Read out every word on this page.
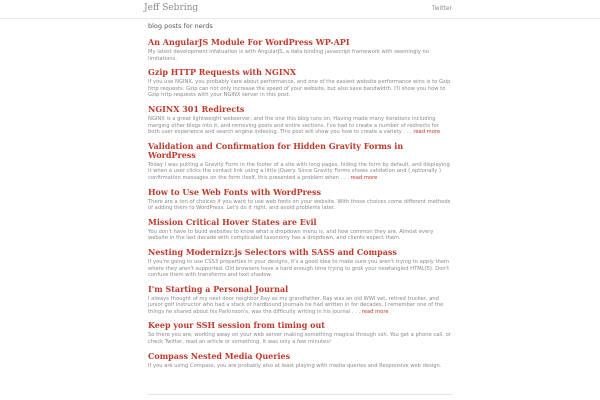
Jeff Sebring	Twitter
blog posts for nerds
An AngularJS Module For WordPress WP-API

My latest development infatuation is with AngularJS, a data binding javascript framework with seemingly no limitations.

Gzip HTTP Requests with NGINX

If you use NGINX, you probably care about performance, and one of the easiest website performance wins is to Gzip http requests. Gzip can not only increase the speed of your website, but also save bandwidth. I'll show you how to Gzip http requests with your NGINX server in this post.

NGINX 301 Redirects

NGINX is a great lightweight webserver, and the one this blog runs on. Having made many iterations including merging other blogs into it, and removing posts and entire sections, I've had to create a number of redirects for both user experience and search engine indexing. This post will show you how to create a variety . . . read more

Validation and Confirmation for Hidden Gravity Forms in WordPress

Today I was putting a Gravity Form in the footer of a site with long pages, hiding the form by default, and displaying it when a user clicks the contact link using a little jQuery. Since Gravity Forms shows validation and ( optionally ) confirmation messages on the form itself, this presented a problem when . . . read more

How to Use Web Fonts with WordPress

There are a ton of choices if you want to use web fonts on your website. With those choices come different methods of adding them to WordPress. Let's do it right, and avoid problems later.

Mission Critical Hover States are Evil

You don't have to build websites to know what a dropdown menu is, and how common they are. Almost every website in the last decade with complicated taxonomy has a dropdown, and clients expect them.

Nesting Modernizr.js Selectors with SASS and Compass

If you're going to use CSS3 properties in your designs, it's a good idea to make sure you aren't trying to apply them where they aren't supported. Old browsers have a hard enough time trying to grok your newfangled HTML(5). Don't confuse them with transforms and text shadow.

I'm Starting a Personal Journal

I always thought of my next door neighbor Ray as my grandfather. Ray was an old WWI vet, retired trucker, and junior golf instructor who had a stack of hardbound journals he had written in for decades. I remember one of the things he shared about his Parkinson's, was the difficulty writing in his journal . . . read more

Keep your SSH session from timing out

So there you are, working away on your web server making something magical through ssh. You get a phone call, or check Twitter, read an article or something. It was only a few minutes!

Compass Nested Media Queries

If you are using Compass, you are probably also at least playing with media queries and Responsive web design.
